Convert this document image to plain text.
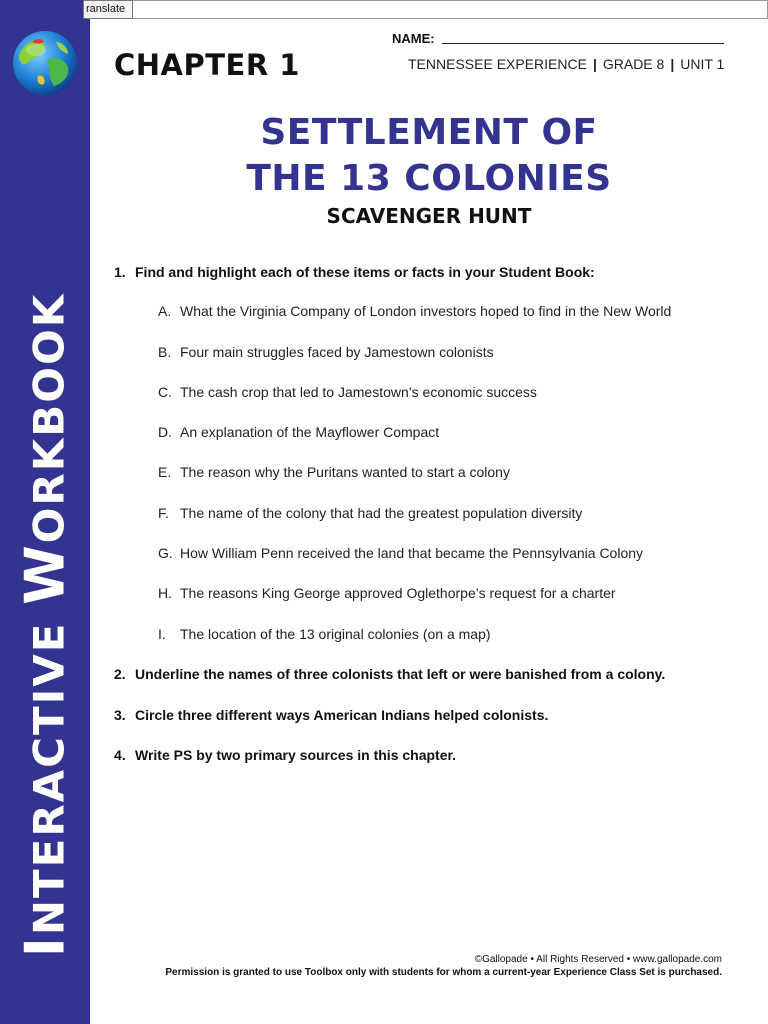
INTERACTIVE WORKBOOK
ranslate
CHAPTER 1
NAME:
TENNESSEE EXPERIENCE | GRADE 8 | UNIT 1
SETTLEMENT OF
THE 13 COLONIES
SCAVENGER HUNT
1. Find and highlight each of these items or facts in your Student Book:
A. What the Virginia Company of London investors hoped to find in the New World
B. Four main struggles faced by Jamestown colonists
C. The cash crop that led to Jamestown’s economic success
D. An explanation of the Mayflower Compact
E. The reason why the Puritans wanted to start a colony
F. The name of the colony that had the greatest population diversity
G. How William Penn received the land that became the Pennsylvania Colony
H. The reasons King George approved Oglethorpe’s request for a charter
I. The location of the 13 original colonies (on a map)
2. Underline the names of three colonists that left or were banished from a colony.
3. Circle three different ways American Indians helped colonists.
4. Write PS by two primary sources in this chapter.
©Gallopade • All Rights Reserved • www.gallopade.com
Permission is granted to use Toolbox only with students for whom a current-year Experience Class Set is purchased.
